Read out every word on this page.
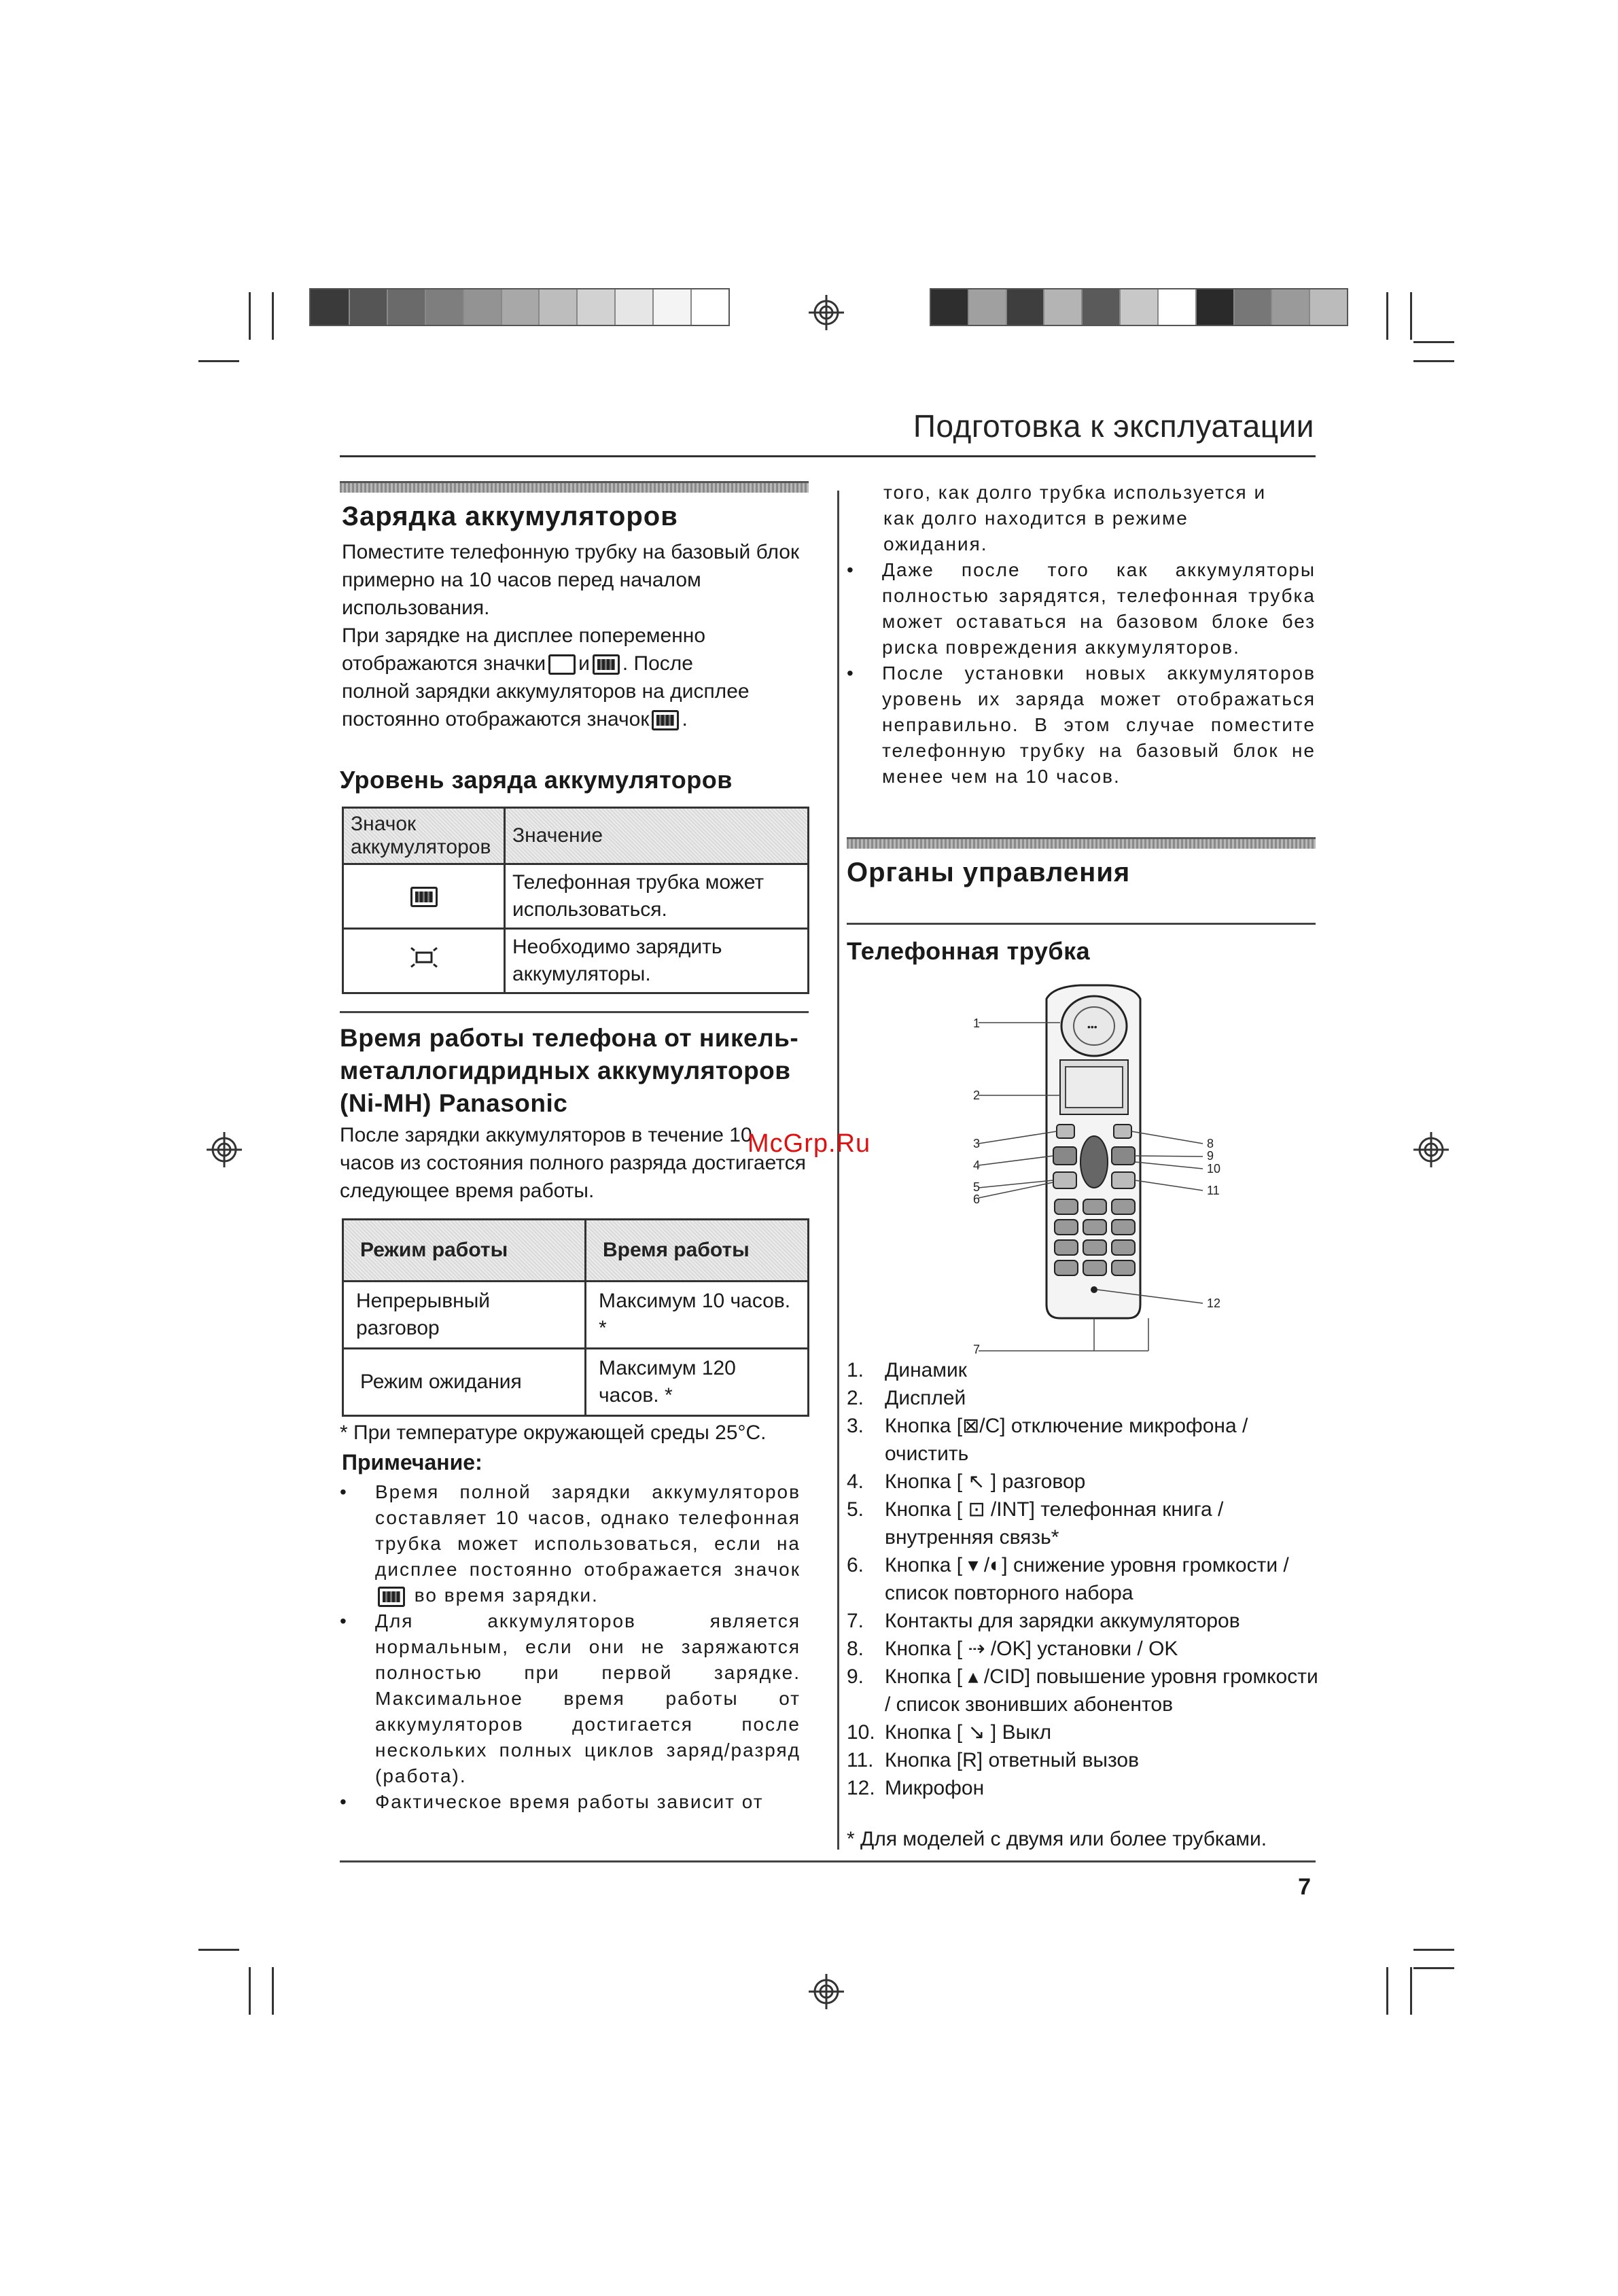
Подготовка к эксплуатации
Зарядка аккумуляторов
Поместите телефонную трубку на базовый блок примерно на 10 часов перед началом использования.
При зарядке на дисплее попеременно
отображаются значки и . После
полной зарядки аккумуляторов на дисплее
постоянно отображаются значок .
Уровень заряда аккумуляторов
Значок аккумуляторов	Значение
	Телефонная трубка может использоваться.
	Необходимо зарядить аккумуляторы.
Время работы телефона от никель-металлогидридных аккумуляторов (Ni-MH) Panasonic
После зарядки аккумуляторов в течение 10 часов из состояния полного разряда достигается следующее время работы.
Режим работы	Время работы
Непрерывный разговор	Максимум 10 часов. *
Режим ожидания	Максимум 120 часов. *
* При температуре окружающей среды 25°C.
Примечание:
• Время полной зарядки аккумуляторов составляет 10 часов, однако телефонная трубка может использоваться, если на дисплее постоянно отображается значок  во время зарядки.
• Для аккумуляторов является нормальным, если они не заряжаются полностью при первой зарядке. Максимальное время работы от аккумуляторов достигается после нескольких полных циклов заряд/разряд (работа).
• Фактическое время работы зависит от
того, как долго трубка используется и как долго находится в режиме ожидания.
• Даже после того как аккумуляторы полностью зарядятся, телефонная трубка может оставаться на базовом блоке без риска повреждения аккумуляторов.
• После установки новых аккумуляторов уровень их заряда может отображаться неправильно. В этом случае поместите телефонную трубку на базовый блок не менее чем на 10 часов.
Органы управления
Телефонная трубка
•••
1
2
3
4
5
6
7
8
9
10
11
12
1. Динамик
2. Дисплей
3. Кнопка [⊠/C] отключение микрофона / очистить
4. Кнопка [ ↖ ] разговор
5. Кнопка [ ⊡ /INT] телефонная книга / внутренняя связь*
6. Кнопка [ ▾ /◐] снижение уровня громкости / список повторного набора
7. Контакты для зарядки аккумуляторов
8. Кнопка [ ⇢ /OK] установки / OK
9. Кнопка [ ▴ /CID] повышение уровня громкости / список звонивших абонентов
10. Кнопка [ ↘ ] Выкл
11. Кнопка [R] ответный вызов
12. Микрофон
* Для моделей с двумя или более трубками.
7
McGrp.Ru
